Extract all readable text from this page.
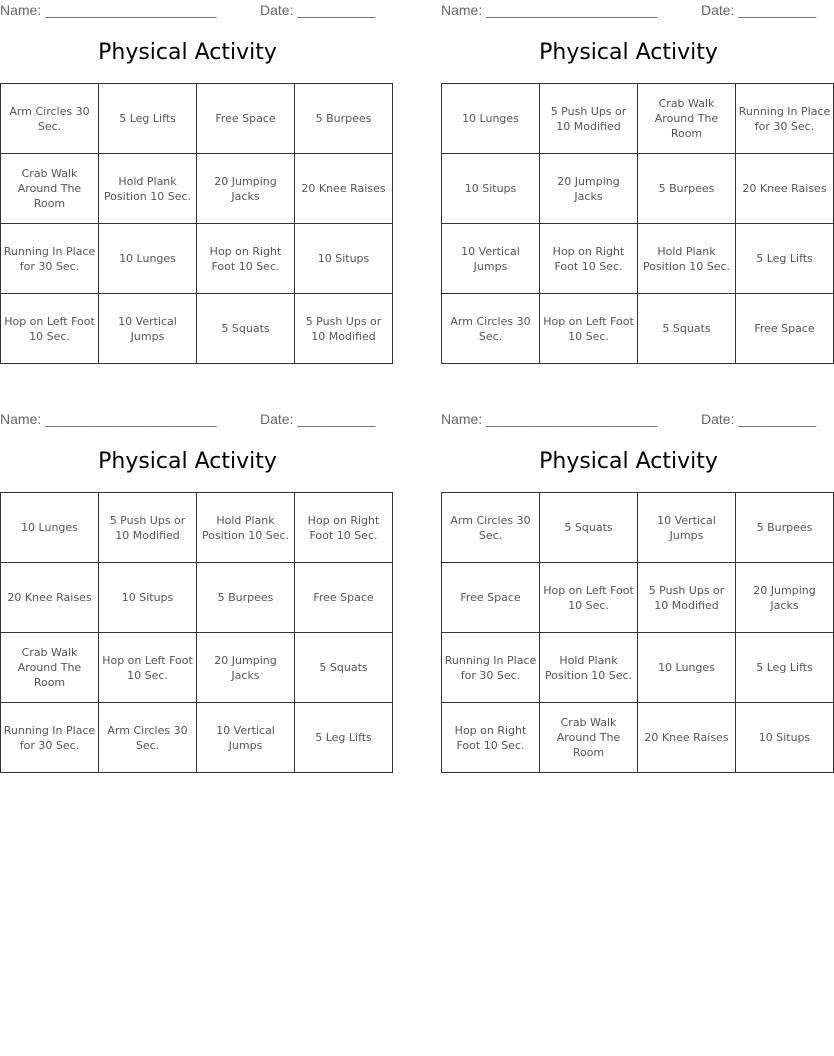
Name: ______________________	Date: __________
Physical Activity
Arm Circles 30 Sec.	5 Leg Lifts	Free Space	5 Burpees
Crab Walk Around The Room	Hold Plank Position 10 Sec.	20 Jumping Jacks	20 Knee Raises
Running In Place for 30 Sec.	10 Lunges	Hop on Right Foot 10 Sec.	10 Situps
Hop on Left Foot 10 Sec.	10 Vertical Jumps	5 Squats	5 Push Ups or 10 Modified
Name: ______________________	Date: __________
Physical Activity
10 Lunges	5 Push Ups or 10 Modified	Crab Walk Around The Room	Running In Place for 30 Sec.
10 Situps	20 Jumping Jacks	5 Burpees	20 Knee Raises
10 Vertical Jumps	Hop on Right Foot 10 Sec.	Hold Plank Position 10 Sec.	5 Leg Lifts
Arm Circles 30 Sec.	Hop on Left Foot 10 Sec.	5 Squats	Free Space
Name: ______________________	Date: __________
Physical Activity
10 Lunges	5 Push Ups or 10 Modified	Hold Plank Position 10 Sec.	Hop on Right Foot 10 Sec.
20 Knee Raises	10 Situps	5 Burpees	Free Space
Crab Walk Around The Room	Hop on Left Foot 10 Sec.	20 Jumping Jacks	5 Squats
Running In Place for 30 Sec.	Arm Circles 30 Sec.	10 Vertical Jumps	5 Leg Lifts
Name: ______________________	Date: __________
Physical Activity
Arm Circles 30 Sec.	5 Squats	10 Vertical Jumps	5 Burpees
Free Space	Hop on Left Foot 10 Sec.	5 Push Ups or 10 Modified	20 Jumping Jacks
Running In Place for 30 Sec.	Hold Plank Position 10 Sec.	10 Lunges	5 Leg Lifts
Hop on Right Foot 10 Sec.	Crab Walk Around The Room	20 Knee Raises	10 Situps
